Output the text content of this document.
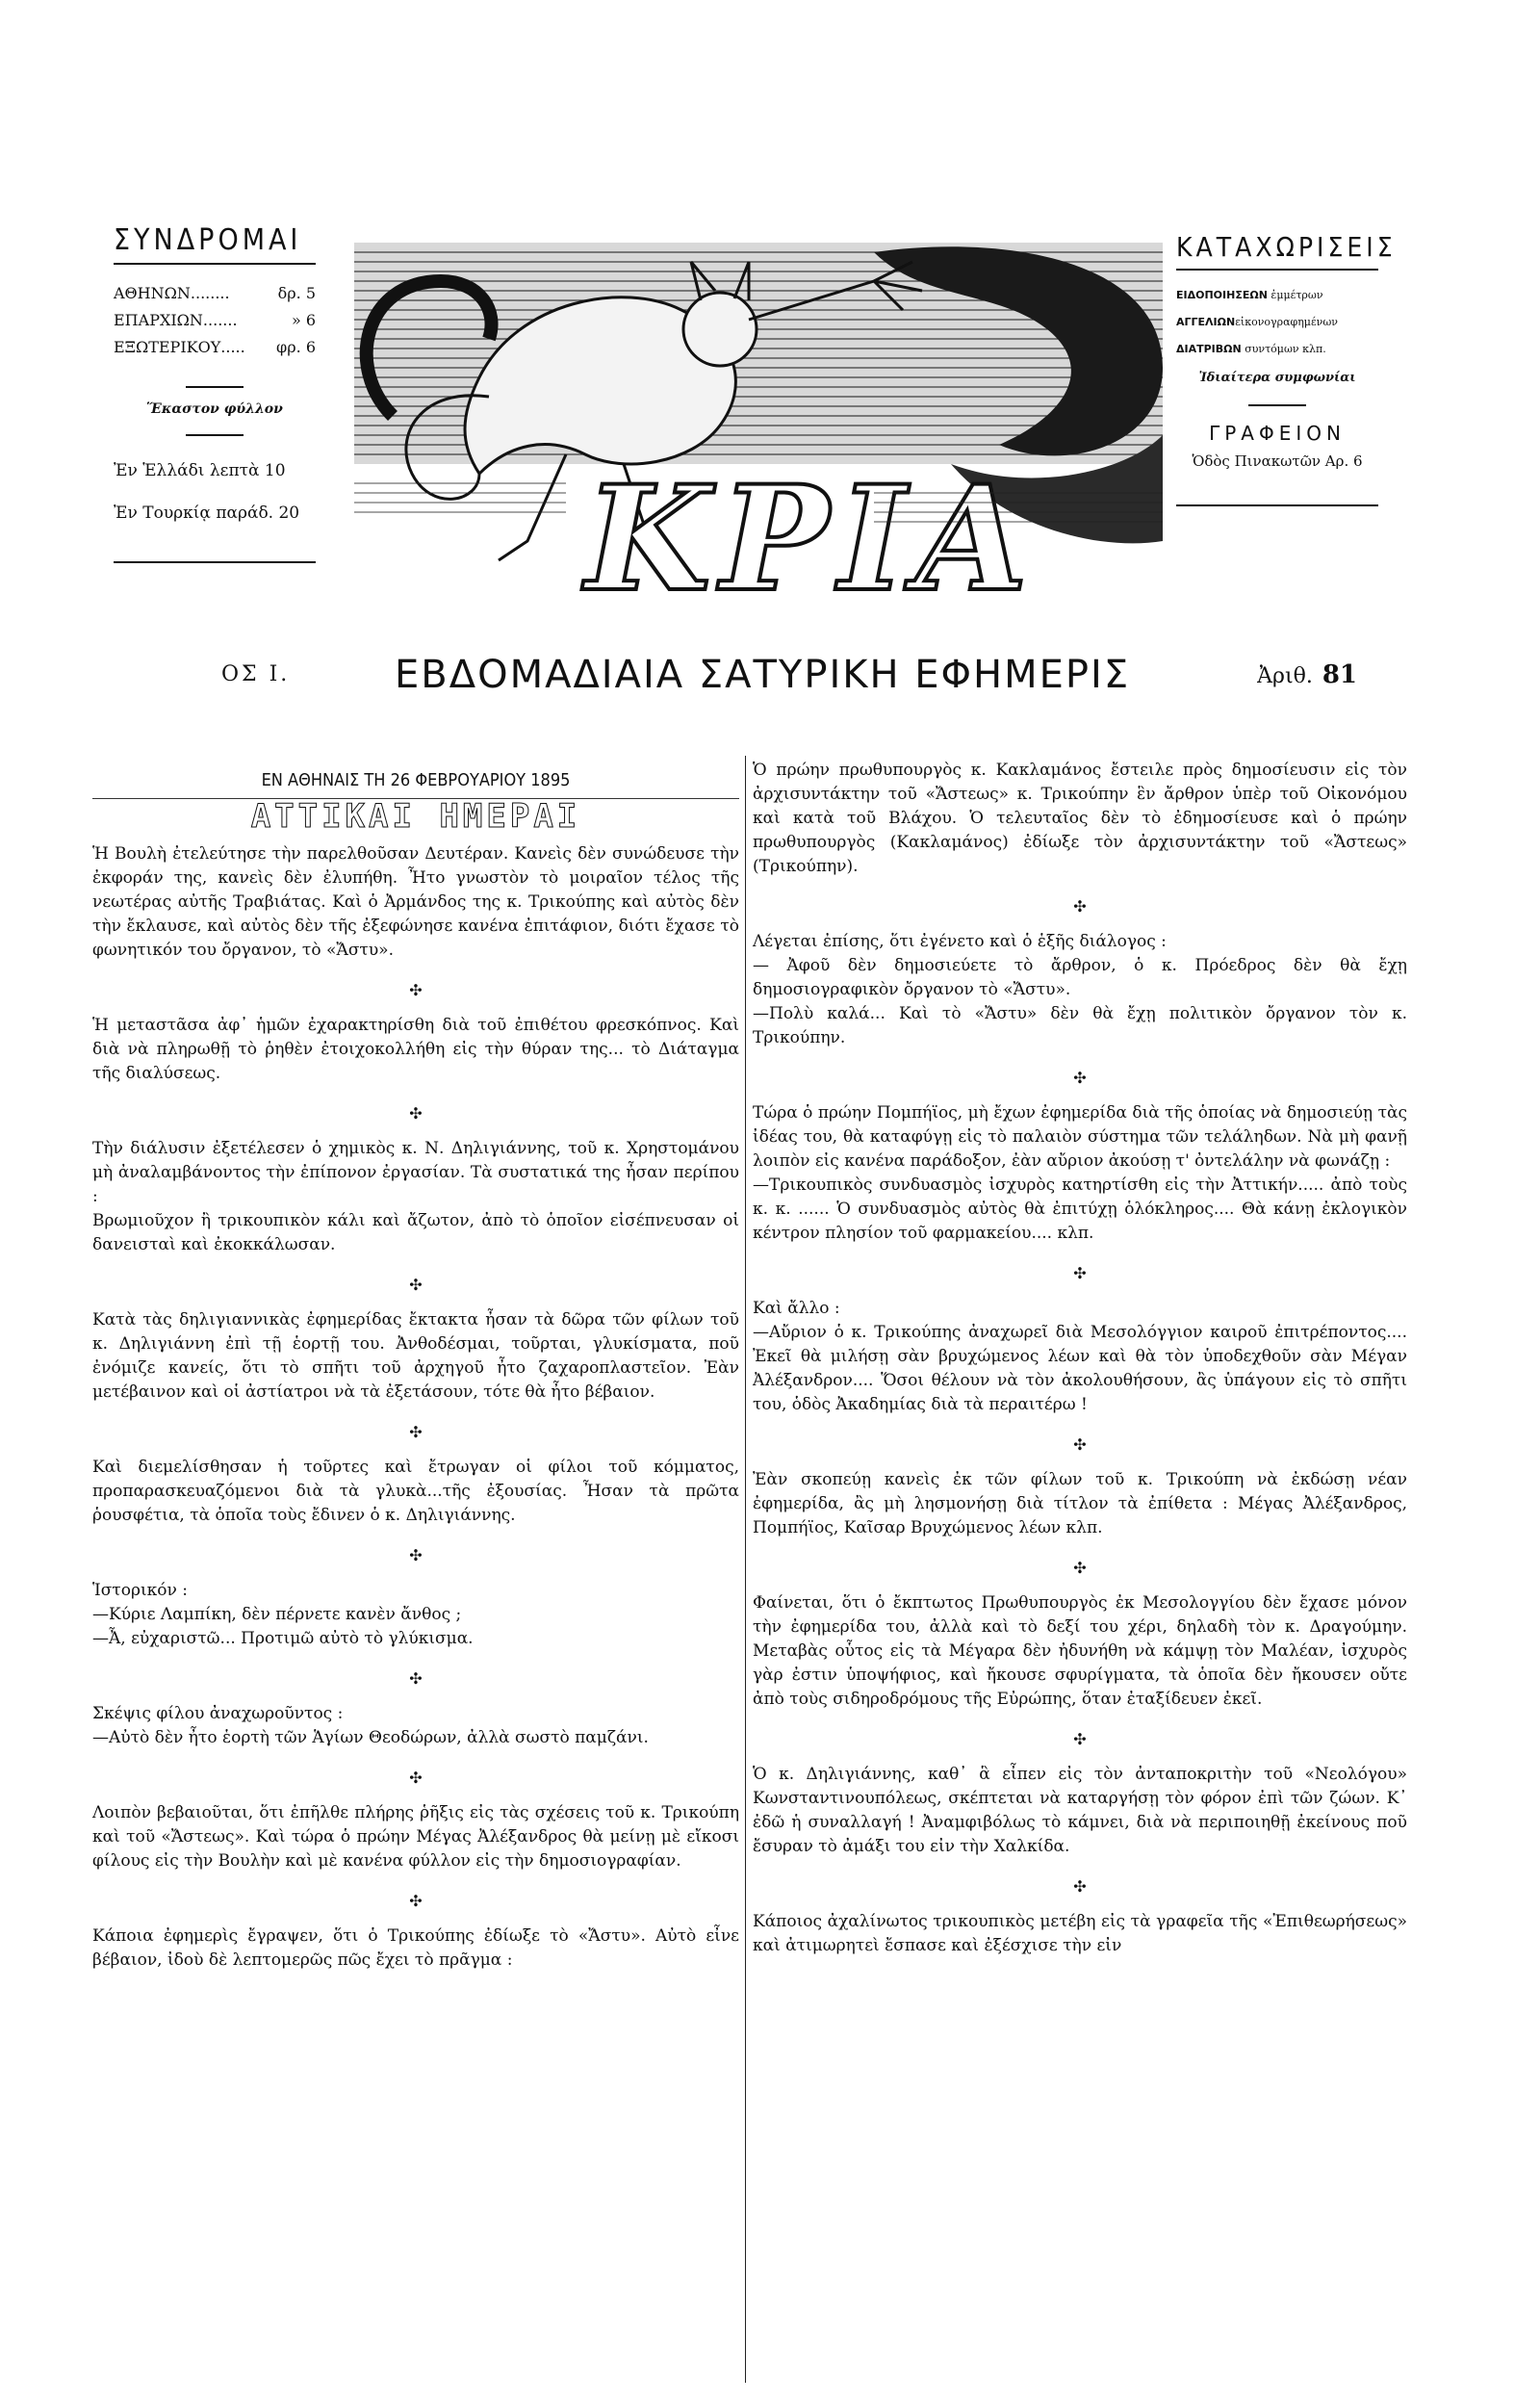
ΣΥΝΔΡΟΜΑΙ
ΑΘΗΝΩΝ........	δρ. 5
ΕΠΑΡΧΙΩΝ.......	» 6
ΕΞΩΤΕΡΙΚΟΥ..... φρ. 6
Ἕκαστον φύλλον
Ἐν Ἑλλάδι λεπτὰ 10
Ἐν Τουρκίᾳ παράδ. 20 ΚΡΙΑ
ΚΑΤΑΧΩΡΙΣΕΙΣ
ΕΙΔΟΠΟΙΗΣΕΩΝ ἐμμέτρων
ΑΓΓΕΛΙΩΝεἰκονογραφημένων
ΔΙΑΤΡΙΒΩΝ συντόμων κλπ.
Ἰδιαίτερα συμφωνίαι
ΓΡΑΦΕΙΟΝ
Ὁδὸς Πινακωτῶν Αρ. 6
ΟΣ Ι.	ΕΒΔΟΜΑΔΙΑΙΑ ΣΑΤΥΡΙΚΗ ΕΦΗΜΕΡΙΣ	Ἀριθ. 81
ΕΝ ΑΘΗΝΑΙΣ ΤΗ 26 ΦΕΒΡΟΥΑΡΙΟΥ 1895
ΑΤΤΙΚΑΙ ΗΜΕΡΑΙ

Ἡ Βουλὴ ἐτελεύτησε τὴν παρελθοῦσαν Δευτέραν. Κανεὶς δὲν συνώδευσε τὴν ἐκφοράν της, κανεὶς δὲν ἐλυπήθη. Ἦτο γνωστὸν τὸ μοιραῖον τέλος τῆς νεωτέρας αὐτῆς Τραβιάτας. Καὶ ὁ Ἀρμάνδος της κ. Τρικούπης καὶ αὐτὸς δὲν τὴν ἔκλαυσε, καὶ αὐτὸς δὲν τῆς ἐξεφώνησε κανένα ἐπιτάφιον, διότι ἔχασε τὸ φωνητικόν του ὄργανον, τὸ «Ἄστυ».

✣

Ἡ μεταστᾶσα ἀφ᾽ ἡμῶν ἐχαρακτηρίσθη διὰ τοῦ ἐπιθέτου φρεσκόπνος. Καὶ διὰ νὰ πληρωθῇ τὸ ῥηθὲν ἐτοιχοκολλήθη εἰς τὴν θύραν της... τὸ Διάταγμα τῆς διαλύσεως.

✣

Τὴν διάλυσιν ἐξετέλεσεν ὁ χημικὸς κ. Ν. Δηλιγιάννης, τοῦ κ. Χρηστομάνου μὴ ἀναλαμβάνοντος τὴν ἐπίπονον ἐργασίαν. Τὰ συστατικά της ἦσαν περίπου :

Βρωμιοῦχον ἢ τρικουπικὸν κάλι καὶ ἄζωτον, ἀπὸ τὸ ὁποῖον εἰσέπνευσαν οἱ δανεισταὶ καὶ ἐκοκκάλωσαν.

✣

Κατὰ τὰς δηλιγιαννικὰς ἐφημερίδας ἔκτακτα ἦσαν τὰ δῶρα τῶν φίλων τοῦ κ. Δηλιγιάννη ἐπὶ τῇ ἑορτῇ του. Ἀνθοδέσμαι, τοῦρται, γλυκίσματα, ποῦ ἐνόμιζε κανείς, ὅτι τὸ σπῆτι τοῦ ἀρχηγοῦ ἦτο ζαχαροπλαστεῖον. Ἐὰν μετέβαινον καὶ οἱ ἀστίατροι νὰ τὰ ἐξετάσουν, τότε θὰ ἦτο βέβαιον.

✣

Καὶ διεμελίσθησαν ἡ τοῦρτες καὶ ἔτρωγαν οἱ φίλοι τοῦ κόμματος, προπαρασκευαζόμενοι διὰ τὰ γλυκὰ...τῆς ἐξουσίας. Ἦσαν τὰ πρῶτα ῥουσφέτια, τὰ ὁποῖα τοὺς ἔδινεν ὁ κ. Δηλιγιάννης.

✣

Ἱστορικόν :

—Κύριε Λαμπίκη, δὲν πέρνετε κανὲν ἄνθος ;

—Ἆ, εὐχαριστῶ... Προτιμῶ αὐτὸ τὸ γλύκισμα.

✣

Σκέψις φίλου ἀναχωροῦντος :

—Αὐτὸ δὲν ἦτο ἑορτὴ τῶν Ἁγίων Θεοδώρων, ἀλλὰ σωστὸ παμζάνι.

✣

Λοιπὸν βεβαιοῦται, ὅτι ἐπῆλθε πλήρης ῥῆξις εἰς τὰς σχέσεις τοῦ κ. Τρικούπη καὶ τοῦ «Ἄστεως». Καὶ τώρα ὁ πρώην Μέγας Ἀλέξανδρος θὰ μείνῃ μὲ εἴκοσι φίλους εἰς τὴν Βουλὴν καὶ μὲ κανένα φύλλον εἰς τὴν δημοσιογραφίαν.

✣

Κάποια ἐφημερὶς ἔγραψεν, ὅτι ὁ Τρικούπης ἐδίωξε τὸ «Ἄστυ». Αὐτὸ εἶνε βέβαιον, ἰδοὺ δὲ λεπτομερῶς πῶς ἔχει τὸ πρᾶγμα :

Ὁ πρώην πρωθυπουργὸς κ. Κακλαμάνος ἔστειλε πρὸς δημοσίευσιν εἰς τὸν ἀρχισυντάκτην τοῦ «Ἄστεως» κ. Τρικούπην ἓν ἄρθρον ὑπὲρ τοῦ Οἰκονόμου καὶ κατὰ τοῦ Βλάχου. Ὁ τελευταῖος δὲν τὸ ἐδημοσίευσε καὶ ὁ πρώην πρωθυπουργὸς (Κακλαμάνος) ἐδίωξε τὸν ἀρχισυντάκτην τοῦ «Ἄστεως» (Τρικούπην).

✣

Λέγεται ἐπίσης, ὅτι ἐγένετο καὶ ὁ ἑξῆς διάλογος :

— Ἀφοῦ δὲν δημοσιεύετε τὸ ἄρθρον, ὁ κ. Πρόεδρος δὲν θὰ ἔχῃ δημοσιογραφικὸν ὄργανον τὸ «Ἄστυ».

—Πολὺ καλά... Καὶ τὸ «Ἄστυ» δὲν θὰ ἔχῃ πολιτικὸν ὄργανον τὸν κ. Τρικούπην.

✣

Τώρα ὁ πρώην Πομπήϊος, μὴ ἔχων ἐφημερίδα διὰ τῆς ὁποίας νὰ δημοσιεύῃ τὰς ἰδέας του, θὰ καταφύγῃ εἰς τὸ παλαιὸν σύστημα τῶν τελάληδων. Νὰ μὴ φανῇ λοιπὸν εἰς κανένα παράδοξον, ἐὰν αὔριον ἀκούσῃ τ' ὀντελάλην νὰ φωνάζῃ :

—Τρικουπικὸς συνδυασμὸς ἰσχυρὸς κατηρτίσθη εἰς τὴν Ἀττικήν..... ἀπὸ τοὺς κ. κ. ...... Ὁ συνδυασμὸς αὐτὸς θὰ ἐπιτύχῃ ὁλόκληρος.... Θὰ κάνῃ ἐκλογικὸν κέντρον πλησίον τοῦ φαρμακείου.... κλπ.

✣

Καὶ ἄλλο :

—Αὔριον ὁ κ. Τρικούπης ἀναχωρεῖ διὰ Μεσολόγγιον καιροῦ ἐπιτρέποντος.... Ἐκεῖ θὰ μιλήσῃ σὰν βρυχώμενος λέων καὶ θὰ τὸν ὑποδεχθοῦν σὰν Μέγαν Ἀλέξανδρον.... Ὅσοι θέλουν νὰ τὸν ἀκολουθήσουν, ἂς ὑπάγουν εἰς τὸ σπῆτι του, ὁδὸς Ἀκαδημίας διὰ τὰ περαιτέρω !

✣

Ἐὰν σκοπεύῃ κανεὶς ἐκ τῶν φίλων τοῦ κ. Τρικούπη νὰ ἐκδώσῃ νέαν ἐφημερίδα, ἂς μὴ λησμονήσῃ διὰ τίτλον τὰ ἐπίθετα : Μέγας Ἀλέξανδρος, Πομπήϊος, Καῖσαρ Βρυχώμενος λέων κλπ.

✣

Φαίνεται, ὅτι ὁ ἔκπτωτος Πρωθυπουργὸς ἐκ Μεσολογγίου δὲν ἔχασε μόνον τὴν ἐφημερίδα του, ἀλλὰ καὶ τὸ δεξί του χέρι, δηλαδὴ τὸν κ. Δραγούμην. Μεταβὰς οὗτος εἰς τὰ Μέγαρα δὲν ἠδυνήθη νὰ κάμψῃ τὸν Μαλέαν, ἰσχυρὸς γὰρ ἐστιν ὑποψήφιος, καὶ ἤκουσε σφυρίγματα, τὰ ὁποῖα δὲν ἤκουσεν οὔτε ἀπὸ τοὺς σιδηροδρόμους τῆς Εὐρώπης, ὅταν ἐταξίδευεν ἐκεῖ.

✣

Ὁ κ. Δηλιγιάννης, καθ᾽ ἃ εἶπεν εἰς τὸν ἀνταποκριτὴν τοῦ «Νεολόγου» Κωνσταντινουπόλεως, σκέπτεται νὰ καταργήσῃ τὸν φόρον ἐπὶ τῶν ζώων. Κ᾽ ἐδῶ ἡ συναλλαγή ! Ἀναμφιβόλως τὸ κάμνει, διὰ νὰ περιποιηθῇ ἐκείνους ποῦ ἔσυραν τὸ ἀμάξι του εἰν τὴν Χαλκίδα.

✣

Κάποιος ἀχαλίνωτος τρικουπικὸς μετέβη εἰς τὰ γραφεῖα τῆς «Ἐπιθεωρήσεως» καὶ ἀτιμωρητεὶ ἔσπασε καὶ ἐξέσχισε τὴν εἰν
